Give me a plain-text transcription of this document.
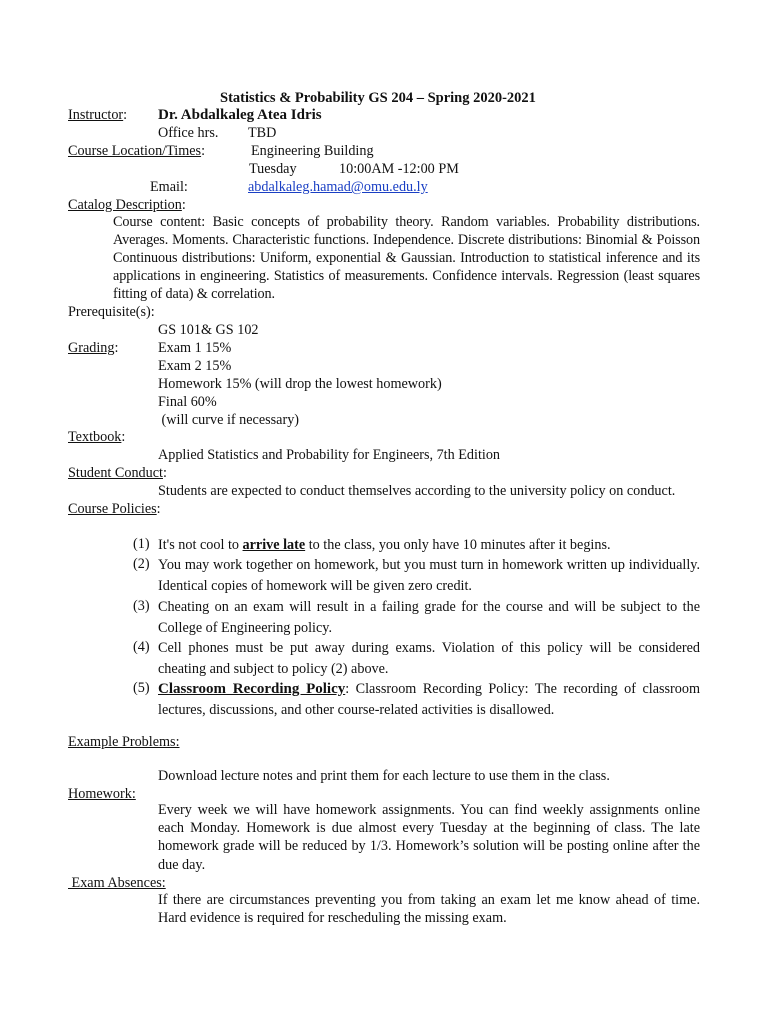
Statistics & Probability GS 204 – Spring 2020-2021
Instructor: Dr. Abdalkaleg Atea Idris
Office hrs. TBD
Course Location/Times:	Engineering Building
Tuesday	10:00AM -12:00 PM
Email:	abdalkaleg.hamad@omu.edu.ly
Catalog Description:
Course content: Basic concepts of probability theory. Random variables. Probability distributions. Averages. Moments. Characteristic functions. Independence. Discrete distributions: Binomial & Poisson Continuous distributions: Uniform, exponential & Gaussian. Introduction to statistical inference and its applications in engineering. Statistics of measurements. Confidence intervals. Regression (least squares fitting of data) & correlation.
Prerequisite(s):
GS 101& GS 102
Grading:	Exam 1 15%
Exam 2 15%
Homework 15% (will drop the lowest homework)
Final 60%
(will curve if necessary)
Textbook:
Applied Statistics and Probability for Engineers, 7th Edition
Student Conduct:
Students are expected to conduct themselves according to the university policy on conduct.
Course Policies:
(1) It's not cool to arrive late to the class, you only have 10 minutes after it begins.
(2) You may work together on homework, but you must turn in homework written up individually. Identical copies of homework will be given zero credit.
(3) Cheating on an exam will result in a failing grade for the course and will be subject to the College of Engineering policy.
(4) Cell phones must be put away during exams. Violation of this policy will be considered cheating and subject to policy (2) above.
(5) Classroom Recording Policy: Classroom Recording Policy: The recording of classroom lectures, discussions, and other course-related activities is disallowed.
Example Problems:
Download lecture notes and print them for each lecture to use them in the class.
Homework:
Every week we will have homework assignments. You can find weekly assignments online each Monday. Homework is due almost every Tuesday at the beginning of class. The late homework grade will be reduced by 1/3. Homework’s solution will be posting online after the due day.
Exam Absences:
If there are circumstances preventing you from taking an exam let me know ahead of time. Hard evidence is required for rescheduling the missing exam.
